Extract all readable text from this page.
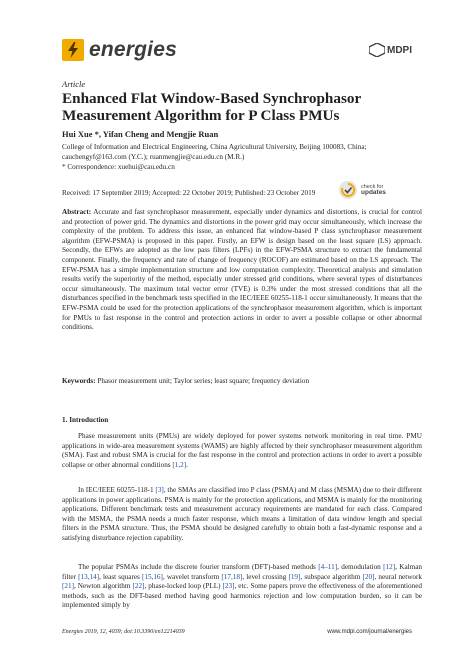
energies	MDPI
Article
Enhanced Flat Window-Based Synchrophasor
Measurement Algorithm for P Class PMUs
Hui Xue *, Yifan Cheng and Mengjie Ruan
College of Information and Electrical Engineering, China Agricultural University, Beijing 100083, China;
cauchengyf@163.com (Y.C.); ruanmengjie@cau.edu.cn (M.R.)
* Correspondence: xuehui@cau.edu.cn
Received: 17 September 2019; Accepted: 22 October 2019; Published: 23 October 2019
check for
updates
Abstract: Accurate and fast synchrophasor measurement, especially under dynamics and distortions, is crucial for control and protection of power grid. The dynamics and distortions in the power grid may occur simultaneously, which increase the complexity of the problem. To address this issue, an enhanced flat window-based P class synchrophasor measurement algorithm (EFW-PSMA) is proposed in this paper. Firstly, an EFW is design based on the least square (LS) approach. Secondly, the EFWs are adopted as the low pass filters (LPFs) in the EFW-PSMA structure to extract the fundamental component. Finally, the frequency and rate of change of frequency (ROCOF) are estimated based on the LS approach. The EFW-PSMA has a simple implementation structure and low computation complexity. Theoretical analysis and simulation results verify the superiority of the method, especially under stressed grid conditions, where several types of disturbances occur simultaneously. The maximum total vector error (TVE) is 0.3% under the most stressed conditions that all the disturbances specified in the benchmark tests specified in the IEC/IEEE 60255-118-1 occur simultaneously. It means that the EFW-PSMA could be used for the protection applications of the synchrophasor measurement algorithm, which is important for PMUs to fast response in the control and protection actions in order to avert a possible collapse or other abnormal conditions.
Keywords: Phasor measurement unit; Taylor series; least square; frequency deviation
1. Introduction
Phase measurement units (PMUs) are widely deployed for power systems network monitoring in real time. PMU applications in wide-area measurement systems (WAMS) are highly affected by their synchrophasor measurement algorithm (SMA). Fast and robust SMA is crucial for the fast response in the control and protection actions in order to avert a possible collapse or other abnormal conditions [1,2].
In IEC/IEEE 60255-118-1 [3], the SMAs are classified into P class (PSMA) and M class (MSMA) due to their different applications in power applications. PSMA is mainly for the protection applications, and MSMA is mainly for the monitoring applications. Different benchmark tests and measurement accuracy requirements are mandated for each class. Compared with the MSMA, the PSMA needs a much faster response, which means a limitation of data window length and special filters in the PSMA structure. Thus, the PSMA should be designed carefully to obtain both a fast-dynamic response and a satisfying disturbance rejection capability.
The popular PSMAs include the discrete fourier transform (DFT)-based methods [4–11], demodulation [12], Kalman filter [13,14], least squares [15,16], wavelet transform [17,18], level crossing [19], subspace algorithm [20], neural network [21], Newton algorithm [22], phase-locked loop (PLL) [23], etc. Some papers prove the effectiveness of the aforementioned methods, such as the DFT-based method having good harmonics rejection and low computation burden, so it can be implemented simply by
Energies 2019, 12, 4039; doi:10.3390/en12214039	www.mdpi.com/journal/energies
